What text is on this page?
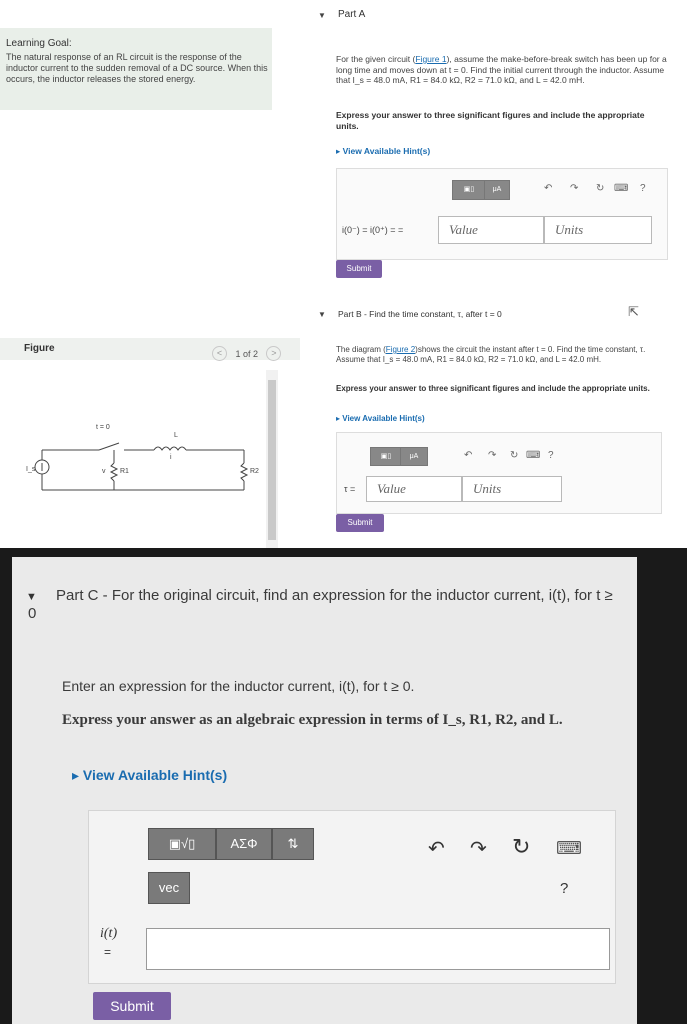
Learning Goal:
The natural response of an RL circuit is the response of the inductor current to the sudden removal of a DC source. When this occurs, the inductor releases the stored energy.
Figure	< 1 of 2 >
t = 0
I_s	v R1	R2
L
i
▼ Part A
For the given circuit (Figure 1), assume the make-before-break switch has been up for a long time and moves down at t = 0. Find the initial current through the inductor. Assume that I_s = 48.0 mA, R1 = 84.0 kΩ, R2 = 71.0 kΩ, and L = 42.0 mH.
Express your answer to three significant figures and include the appropriate units.
▸ View Available Hint(s)
▣▯	μA	↶ ↷ ↻ ⌨ ?
i(0⁻) = i(0⁺) = =	Value	Units
Submit
▼ Part B - Find the time constant, τ, after t = 0	⇱
The diagram (Figure 2)shows the circuit the instant after t = 0. Find the time constant, τ. Assume that I_s = 48.0 mA, R1 = 84.0 kΩ, R2 = 71.0 kΩ, and L = 42.0 mH.
Express your answer to three significant figures and include the appropriate units.
▸ View Available Hint(s)
▣▯	μA	↶ ↷ ↻ ⌨ ?
τ =	Value	Units
Submit
▼	Part C - For the original circuit, find an expression for the inductor current, i(t), for t ≥ 0
Enter an expression for the inductor current, i(t), for t ≥ 0.
Express your answer as an algebraic expression in terms of I_s, R1, R2, and L.
▸ View Available Hint(s)
▣√▯	ΑΣΦ	⇅
vec
↶ ↷ ↻ ⌨
?
i(t)
=
Submit
